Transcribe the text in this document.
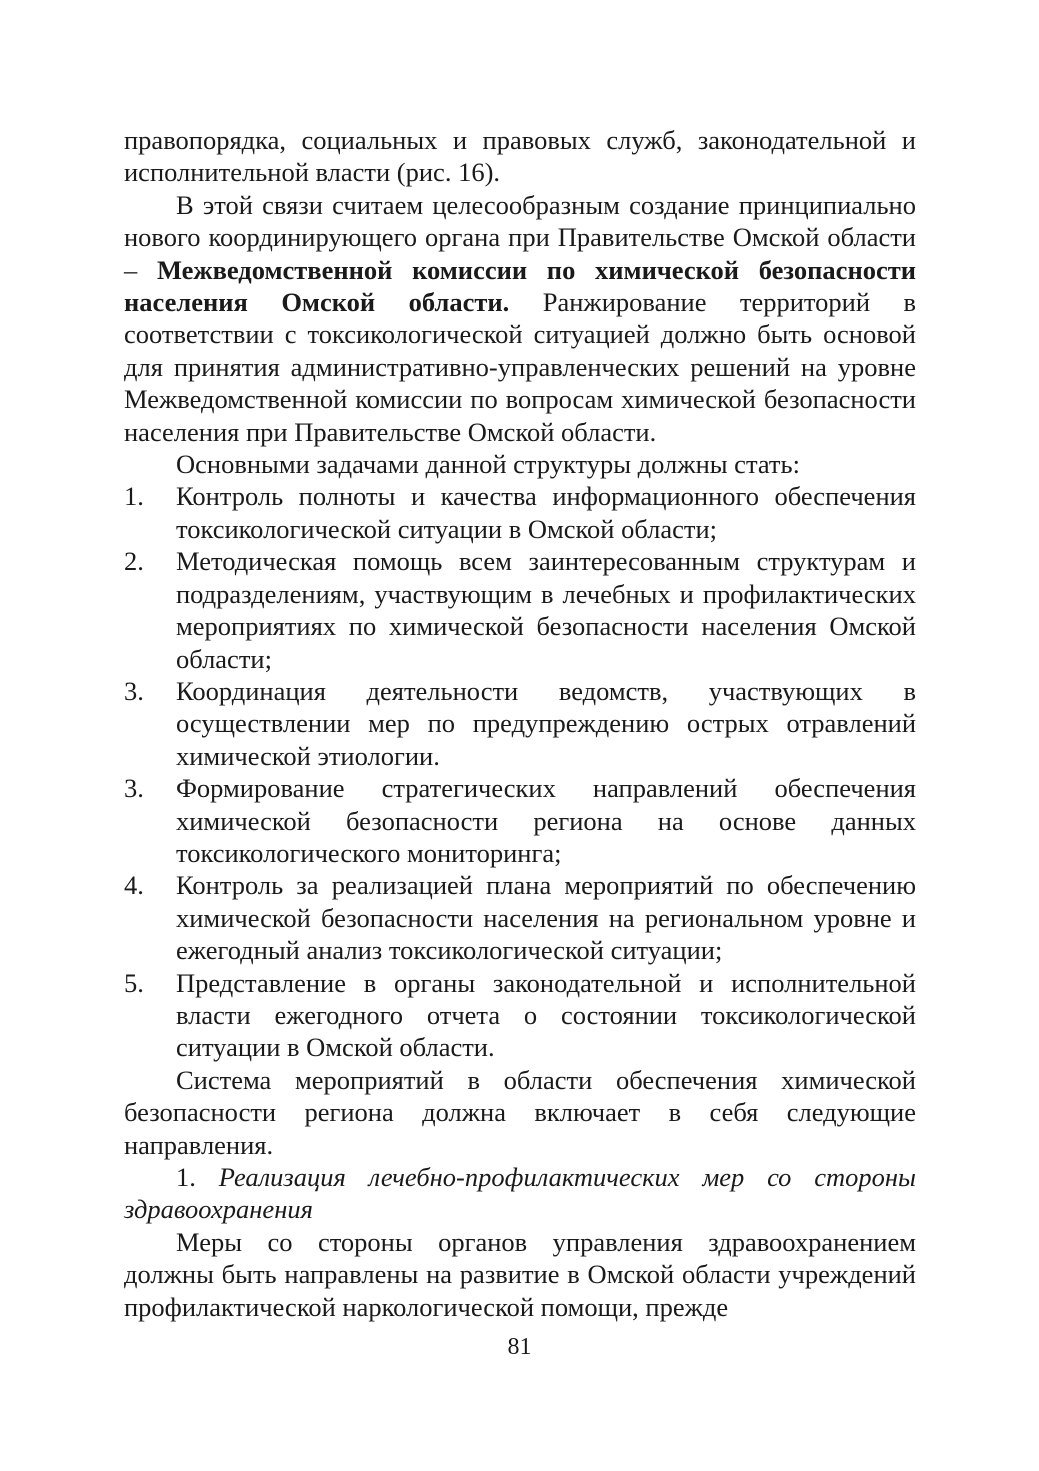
правопорядка, социальных и правовых служб, законодательной и исполнительной власти (рис. 16).

В этой связи считаем целесообразным создание принципиально нового координирующего органа при Правительстве Омской области – Межведомственной комиссии по химической безопасности населения Омской области. Ранжирование территорий в соответствии с токсикологической ситуацией должно быть основой для принятия административно-управленческих решений на уровне Межведомственной комиссии по вопросам химической безопасности населения при Правительстве Омской области.

Основными задачами данной структуры должны стать:

1.	Контроль полноты и качества информационного обеспечения токсикологической ситуации в Омской области;
2.	Методическая помощь всем заинтересованным структурам и подразделениям, участвующим в лечебных и профилактических мероприятиях по химической безопасности населения Омской области;
3.	Координация деятельности ведомств, участвующих в осуществлении мер по предупреждению острых отравлений химической этиологии.
3.	Формирование стратегических направлений обеспечения химической безопасности региона на основе данных токсикологического мониторинга;
4.	Контроль за реализацией плана мероприятий по обеспечению химической безопасности населения на региональном уровне и ежегодный анализ токсикологической ситуации;
5.	Представление в органы законодательной и исполнительной власти ежегодного отчета о состоянии токсикологической ситуации в Омской области.

Система мероприятий в области обеспечения химической безопасности региона должна включает в себя следующие направления.

1. Реализация лечебно-профилактических мер со стороны здравоохранения

Меры со стороны органов управления здравоохранением должны быть направлены на развитие в Омской области учреждений профилактической наркологической помощи, прежде

81
